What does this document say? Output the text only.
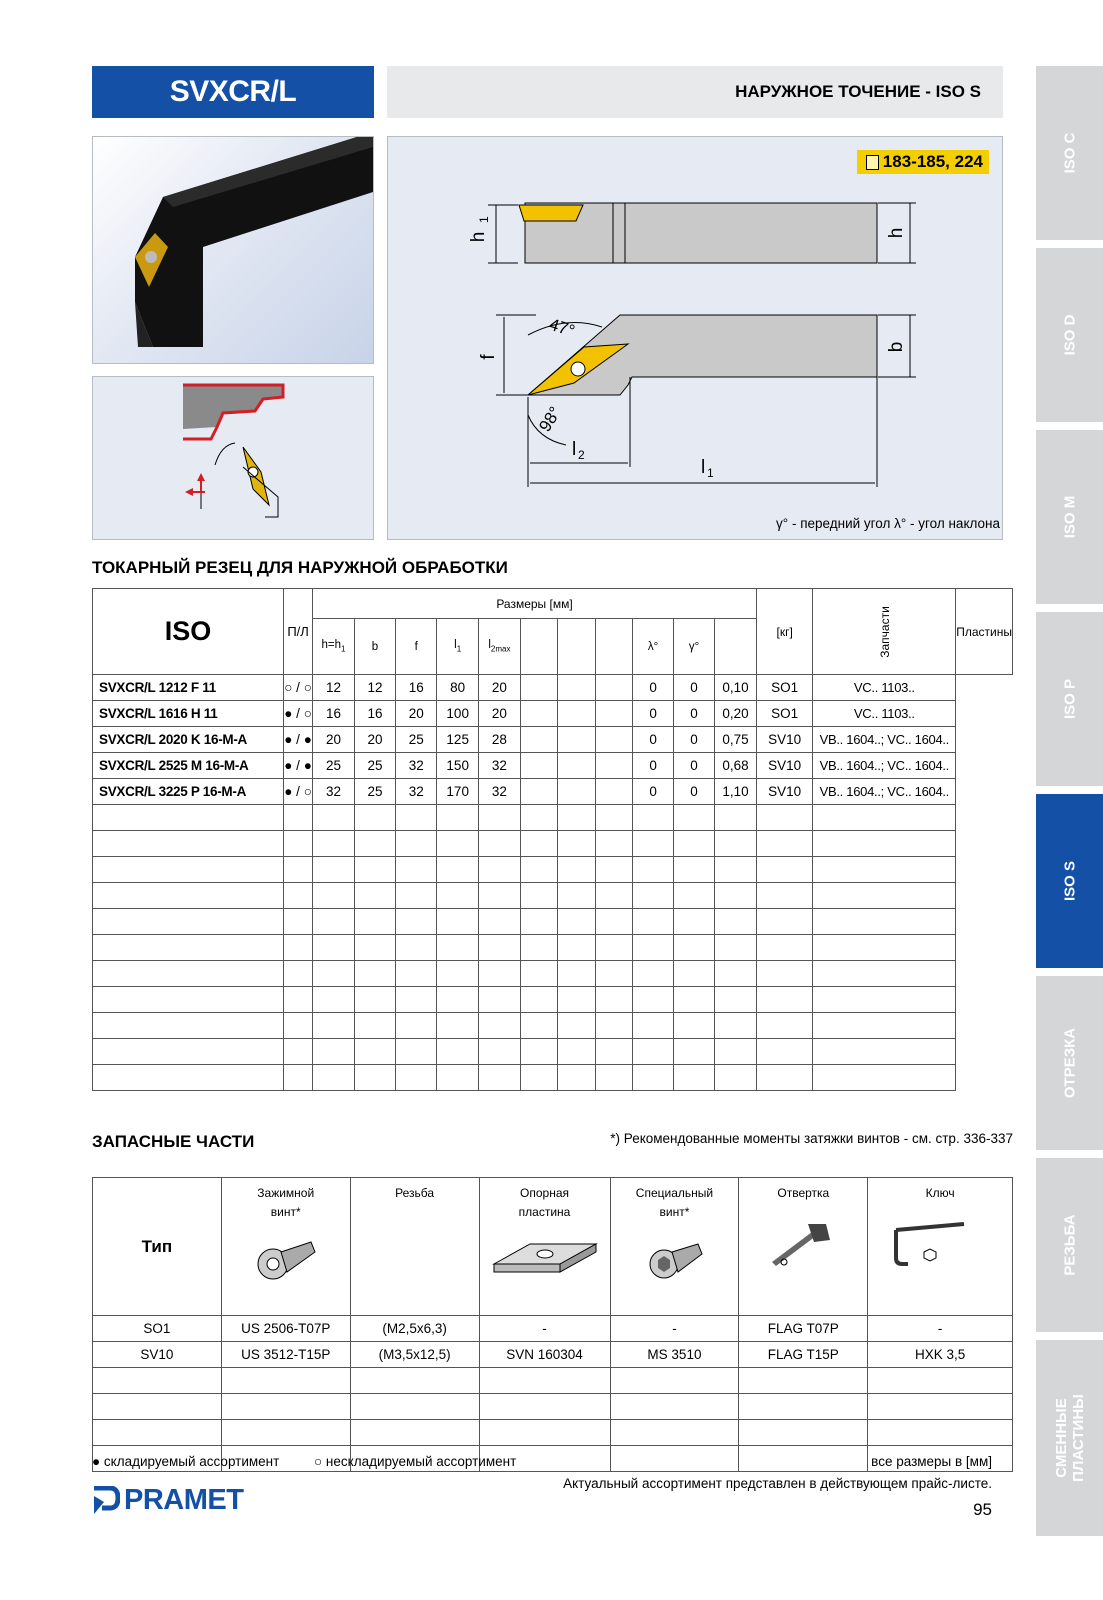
SVXCR/L	НАРУЖНОЕ ТОЧЕНИЕ - ISO S
h
1
h
b
f
47°
98°
l 2
l 1
183-185, 224
γ° - передний угол λ° - угол наклона
ISO C
ISO D
ISO M
ISO P
ISO S
ОТРЕЗКА
РЕЗЬБА
СМЕННЫЕ ПЛАСТИНЫ
ТОКАРНЫЙ РЕЗЕЦ ДЛЯ НАРУЖНОЙ ОБРАБОТКИ
ISO	П/Л	Размеры [мм]											[кг]	Запчасти	Пластины
		$h=h_1$	b	f	$l_1$	$l_{2max}$				λ°	γ°			
SVXCR/L 1212 F 11	○ / ○	12	12	16	80	20				0	0	0,10	SO1	VC.. 1103..	
SVXCR/L 1616 H 11	● / ○	16	16	20	100	20				0	0	0,20	SO1	VC.. 1103..	
SVXCR/L 2020 K 16-M-A	● / ●	20	20	25	125	28				0	0	0,75	SV10	VB.. 1604..; VC.. 1604..	
SVXCR/L 2525 M 16-M-A	● / ●	25	25	32	150	32				0	0	0,68	SV10	VB.. 1604..; VC.. 1604..	
SVXCR/L 3225 P 16-M-A	● / ○	32	25	32	170	32				0	0	1,10	SV10	VB.. 1604..; VC.. 1604..	

ЗАПАСНЫЕ ЧАСТИ	*) Рекомендованные моменты затяжки винтов - см. стр. 336-337
Тип	Зажимной винт*	Резьба	Опорная пластина	Специальный винт*	Отвертка	Ключ
SO1	US 2506-T07P	(M2,5x6,3)	-	-	FLAG T07P	-
SV10	US 3512-T15P	(M3,5x12,5)	SVN 160304	MS 3510	FLAG T15P	HXK 3,5

● складируемый ассортимент	○ нескладируемый ассортимент	все размеры в [мм]
Актуальный ассортимент представлен в действующем прайс-листе.
PRAMET	95
